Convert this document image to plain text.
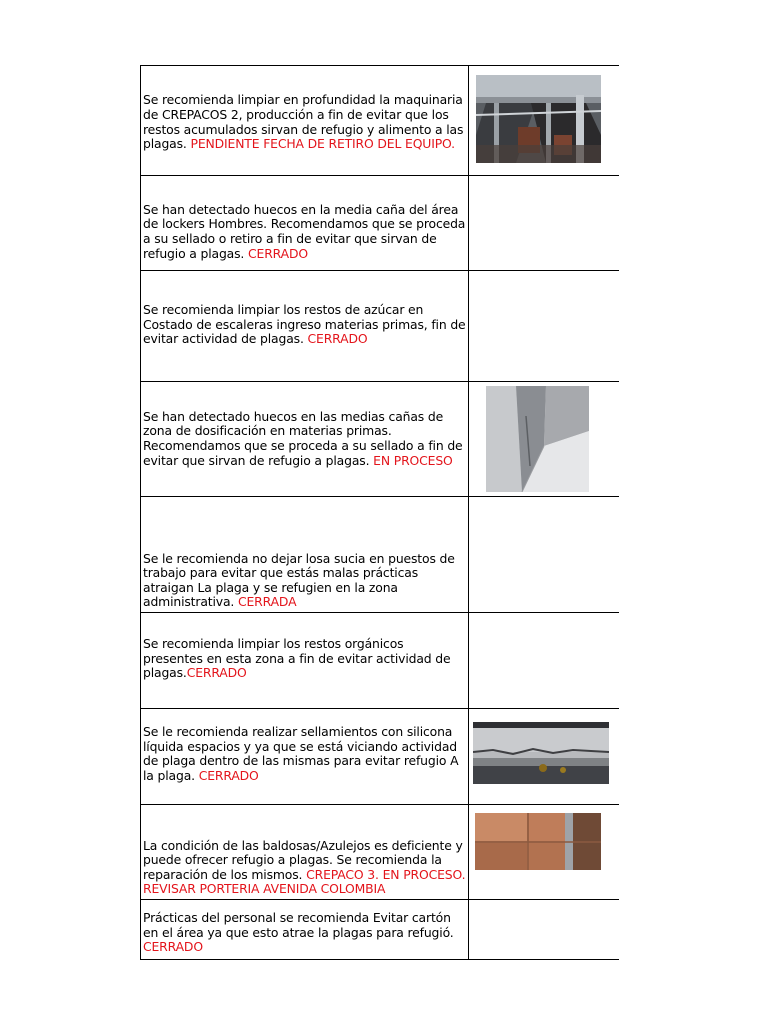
Se recomienda limpiar en profundidad la maquinaria de CREPACOS 2, producción a fin de evitar que los restos acumulados sirvan de refugio y alimento a las plagas. PENDIENTE FECHA DE RETIRO DEL EQUIPO.

Se han detectado huecos en la media caña del área de lockers Hombres. Recomendamos que se proceda a su sellado o retiro a fin de evitar que sirvan de refugio a plagas. CERRADO	

Se recomienda limpiar los restos de azúcar en Costado de escaleras ingreso materias primas, fin de evitar actividad de plagas. CERRADO	

Se han detectado huecos en las medias cañas de zona de dosificación en materias primas. Recomendamos que se proceda a su sellado a fin de evitar que sirvan de refugio a plagas. EN PROCESO

Se le recomienda no dejar losa sucia en puestos de trabajo para evitar que estás malas prácticas atraigan La plaga y se refugien en la zona administrativa. CERRADA	

Se recomienda limpiar los restos orgánicos presentes en esta zona a fin de evitar actividad de plagas.CERRADO	

Se le recomienda realizar sellamientos con silicona líquida espacios y ya que se está viciando actividad de plaga dentro de las mismas para evitar refugio A la plaga. CERRADO

La condición de las baldosas/Azulejos es deficiente y puede ofrecer refugio a plagas. Se recomienda la reparación de los mismos. CREPACO 3. EN PROCESO. REVISAR PORTERIA AVENIDA COLOMBIA

Prácticas del personal se recomienda Evitar cartón en el área ya que esto atrae la plagas para refugió. CERRADO	
